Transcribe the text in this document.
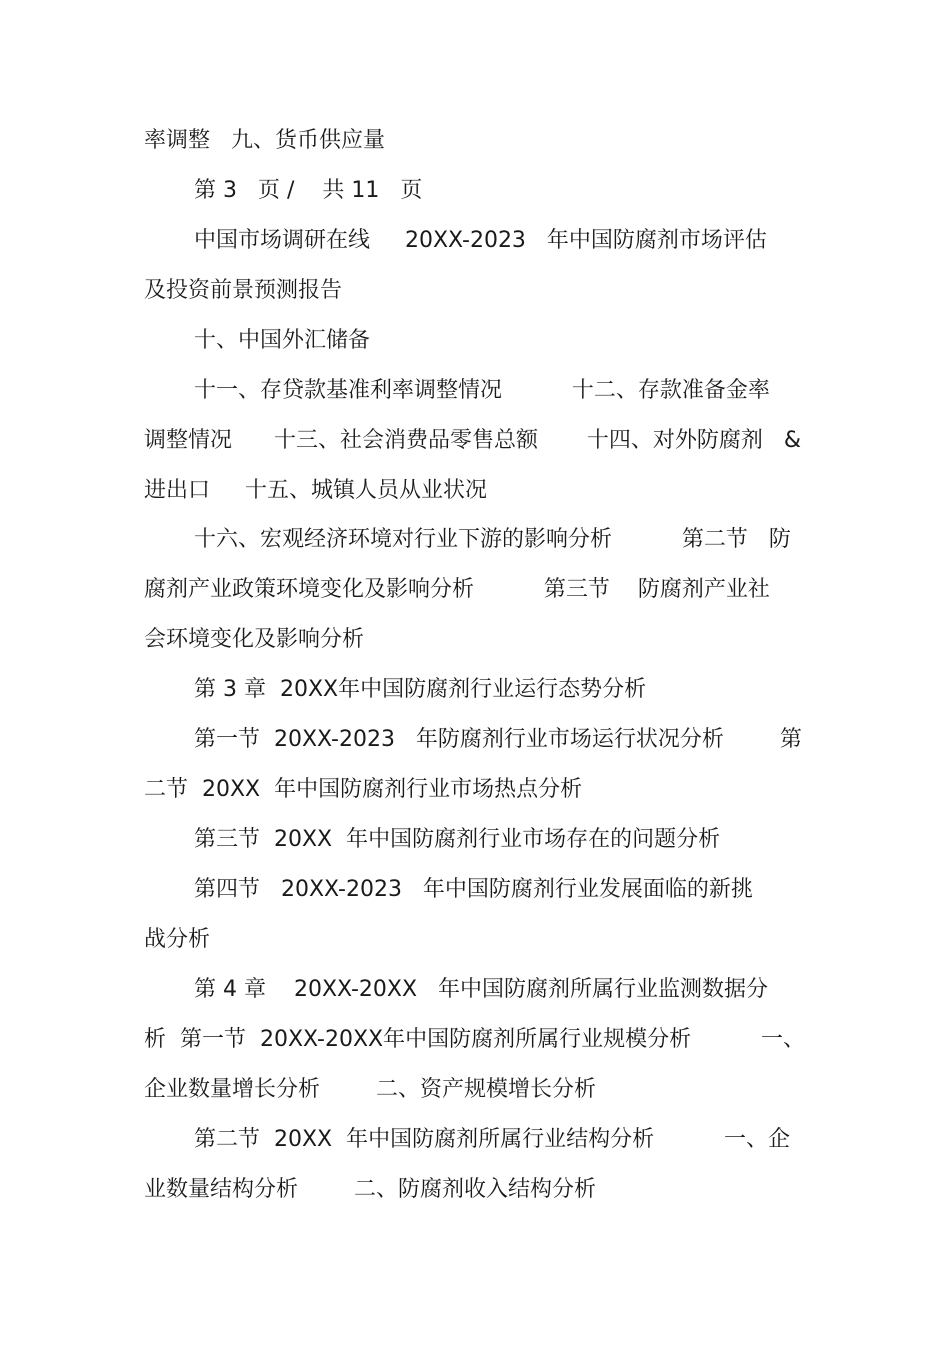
率调整   九、货币供应量
第 3   页 /    共 11   页
中国市场调研在线     20XX-2023   年中国防腐剂市场评估
及投资前景预测报告
十、中国外汇储备
十一、存贷款基准利率调整情况          十二、存款准备金率
调整情况      十三、社会消费品零售总额       十四、对外防腐剂   &
进出口     十五、城镇人员从业状况
十六、宏观经济环境对行业下游的影响分析          第二节   防
腐剂产业政策环境变化及影响分析          第三节    防腐剂产业社
会环境变化及影响分析
第 3 章  20XX年中国防腐剂行业运行态势分析
第一节  20XX-2023   年防腐剂行业市场运行状况分析        第
二节  20XX  年中国防腐剂行业市场热点分析
第三节  20XX  年中国防腐剂行业市场存在的问题分析
第四节   20XX-2023   年中国防腐剂行业发展面临的新挑
战分析
第 4 章    20XX-20XX   年中国防腐剂所属行业监测数据分
析  第一节  20XX-20XX年中国防腐剂所属行业规模分析          一、
企业数量增长分析        二、资产规模增长分析
第二节  20XX  年中国防腐剂所属行业结构分析          一、企
业数量结构分析        二、防腐剂收入结构分析
